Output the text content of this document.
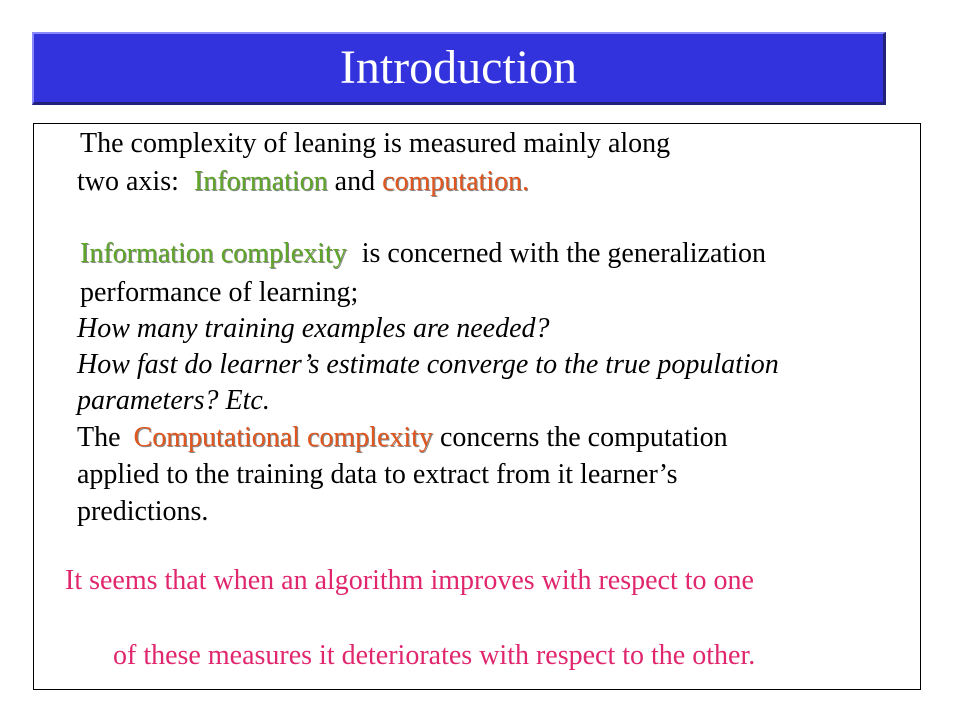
Introduction
The complexity of leaning is measured mainly along
two axis: Information and computation.
Information complexity is concerned with the generalization
performance of learning;
How many training examples are needed?
How fast do learner’s estimate converge to the true population
parameters? Etc.
The Computational complexity concerns the computation
applied to the training data to extract from it learner’s
predictions.
It seems that when an algorithm improves with respect to one
of these measures it deteriorates with respect to the other.
